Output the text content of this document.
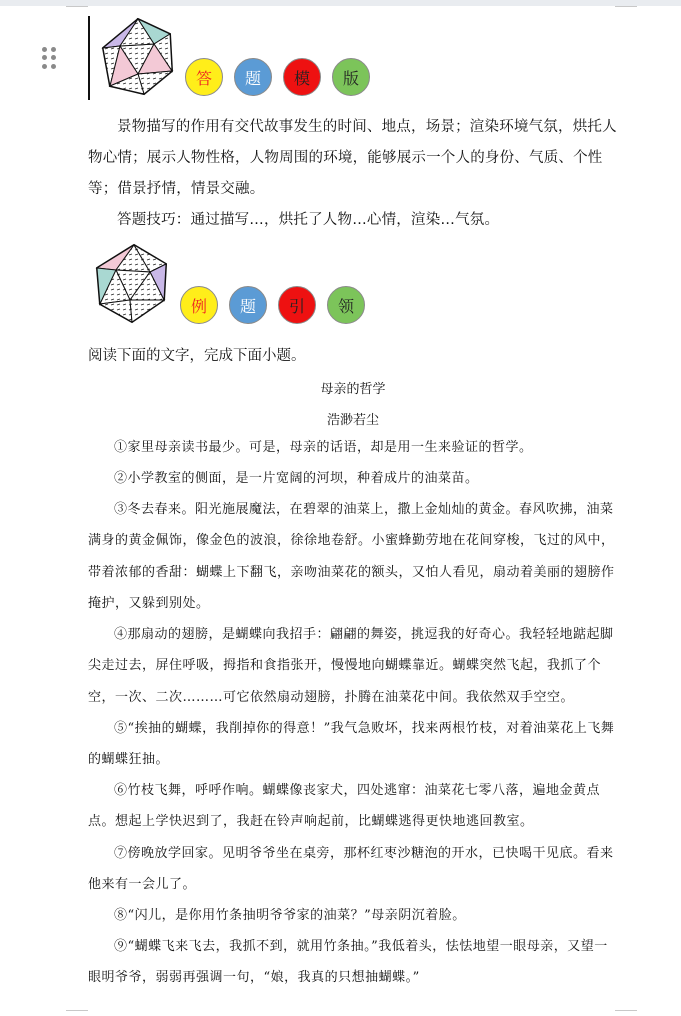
答	题	模	版

景物描写的作用有交代故事发生的时间、地点，场景；渲染环境气氛，烘托人物心情；展示人物性格，人物周围的环境，能够展示一个人的身份、气质、个性等；借景抒情，情景交融。

答题技巧：通过描写…，烘托了人物…心情，渲染…气氛。

例	题	引	领

阅读下面的文字，完成下面小题。

母亲的哲学

浩渺若尘

①家里母亲读书最少。可是，母亲的话语，却是用一生来验证的哲学。

②小学教室的侧面，是一片宽阔的河坝，种着成片的油菜苗。

③冬去春来。阳光施展魔法，在碧翠的油菜上，撒上金灿灿的黄金。春风吹拂，油菜满身的黄金佩饰，像金色的波浪，徐徐地卷舒。小蜜蜂勤劳地在花间穿梭，飞过的风中，带着浓郁的香甜：蝴蝶上下翻飞，亲吻油菜花的额头，又怕人看见，扇动着美丽的翅膀作掩护，又躲到别处。

④那扇动的翅膀，是蝴蝶向我招手：翩翩的舞姿，挑逗我的好奇心。我轻轻地踮起脚尖走过去，屏住呼吸，拇指和食指张开，慢慢地向蝴蝶靠近。蝴蝶突然飞起，我抓了个空，一次、二次………可它依然扇动翅膀，扑腾在油菜花中间。我依然双手空空。

⑤“挨抽的蝴蝶，我削掉你的得意！”我气急败坏，找来两根竹枝，对着油菜花上飞舞的蝴蝶狂抽。

⑥竹枝飞舞，呼呼作响。蝴蝶像丧家犬，四处逃窜：油菜花七零八落，遍地金黄点点。想起上学快迟到了，我赶在铃声响起前，比蝴蝶逃得更快地逃回教室。

⑦傍晚放学回家。见明爷爷坐在桌旁，那杯红枣沙糖泡的开水，已快喝干见底。看来他来有一会儿了。

⑧“闪儿，是你用竹条抽明爷爷家的油菜？”母亲阴沉着脸。

⑨“蝴蝶飞来飞去，我抓不到，就用竹条抽。”我低着头，怯怯地望一眼母亲，又望一眼明爷爷，弱弱再强调一句，“娘，我真的只想抽蝴蝶。”
